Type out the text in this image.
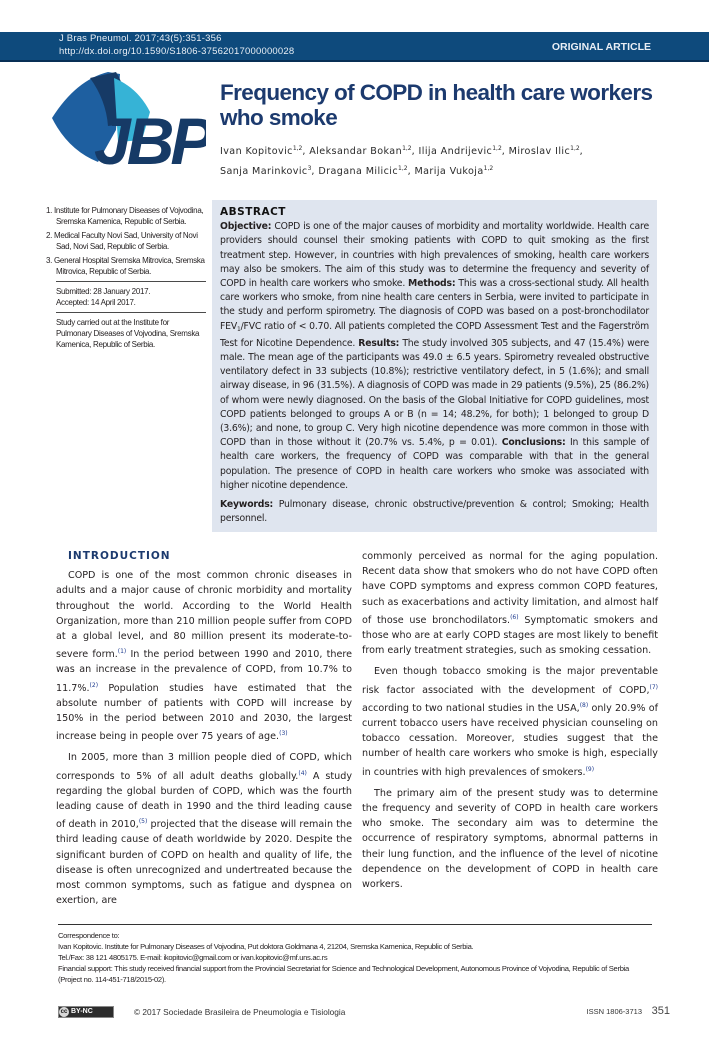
J Bras Pneumol. 2017;43(5):351-356
http://dx.doi.org/10.1590/S1806-37562017000000028	ORIGINAL ARTICLE
JBP
Frequency of COPD in health care workers who smoke
Ivan Kopitovic$^{1,2}$, Aleksandar Bokan$^{1,2}$, Ilija Andrijevic$^{1,2}$, Miroslav Ilic$^{1,2}$,
Sanja Marinkovic$^3$, Dragana Milicic$^{1,2}$, Marija Vukoja$^{1,2}$
1. Institute for Pulmonary Diseases of Vojvodina, Sremska Kamenica, Republic of Serbia.
2. Medical Faculty Novi Sad, University of Novi Sad, Novi Sad, Republic of Serbia.
3. General Hospital Sremska Mitrovica, Sremska Mitrovica, Republic of Serbia.
Submitted: 28 January 2017.
Accepted: 14 April 2017.
Study carried out at the Institute for Pulmonary Diseases of Vojvodina, Sremska Kamenica, Republic of Serbia.
ABSTRACT

Objective: COPD is one of the major causes of morbidity and mortality worldwide. Health care providers should counsel their smoking patients with COPD to quit smoking as the first treatment step. However, in countries with high prevalences of smoking, health care workers may also be smokers. The aim of this study was to determine the frequency and severity of COPD in health care workers who smoke. Methods: This was a cross-sectional study. All health care workers who smoke, from nine health care centers in Serbia, were invited to participate in the study and perform spirometry. The diagnosis of COPD was based on a post-bronchodilator $FEV_1$/FVC ratio of < 0.70. All patients completed the COPD Assessment Test and the Fagerström Test for Nicotine Dependence. Results: The study involved 305 subjects, and 47 (15.4%) were male. The mean age of the participants was 49.0 ± 6.5 years. Spirometry revealed obstructive ventilatory defect in 33 subjects (10.8%); restrictive ventilatory defect, in 5 (1.6%); and small airway disease, in 96 (31.5%). A diagnosis of COPD was made in 29 patients (9.5%), 25 (86.2%) of whom were newly diagnosed. On the basis of the Global Initiative for COPD guidelines, most COPD patients belonged to groups A or B (n = 14; 48.2%, for both); 1 belonged to group D (3.6%); and none, to group C. Very high nicotine dependence was more common in those with COPD than in those without it (20.7% vs. 5.4%, p = 0.01). Conclusions: In this sample of health care workers, the frequency of COPD was comparable with that in the general population. The presence of COPD in health care workers who smoke was associated with higher nicotine dependence.

Keywords: Pulmonary disease, chronic obstructive/prevention & control; Smoking; Health personnel.

INTRODUCTION

COPD is one of the most common chronic diseases in adults and a major cause of chronic morbidity and mortality throughout the world. According to the World Health Organization, more than 210 million people suffer from COPD at a global level, and 80 million present its moderate-to-severe form.$^{(1)}$ In the period between 1990 and 2010, there was an increase in the prevalence of COPD, from 10.7% to 11.7%.$^{(2)}$ Population studies have estimated that the absolute number of patients with COPD will increase by 150% in the period between 2010 and 2030, the largest increase being in people over 75 years of age.$^{(3)}$

In 2005, more than 3 million people died of COPD, which corresponds to 5% of all adult deaths globally.$^{(4)}$ A study regarding the global burden of COPD, which was the fourth leading cause of death in 1990 and the third leading cause of death in 2010,$^{(5)}$ projected that the disease will remain the third leading cause of death worldwide by 2020. Despite the significant burden of COPD on health and quality of life, the disease is often unrecognized and undertreated because the most common symptoms, such as fatigue and dyspnea on exertion, are

commonly perceived as normal for the aging population. Recent data show that smokers who do not have COPD often have COPD symptoms and express common COPD features, such as exacerbations and activity limitation, and almost half of those use bronchodilators.$^{(6)}$ Symptomatic smokers and those who are at early COPD stages are most likely to benefit from early treatment strategies, such as smoking cessation.

Even though tobacco smoking is the major preventable risk factor associated with the development of COPD,$^{(7)}$ according to two national studies in the USA,$^{(8)}$ only 20.9% of current tobacco users have received physician counseling on tobacco cessation. Moreover, studies suggest that the number of health care workers who smoke is high, especially in countries with high prevalences of smokers.$^{(9)}$

The primary aim of the present study was to determine the frequency and severity of COPD in health care workers who smoke. The secondary aim was to determine the occurrence of respiratory symptoms, abnormal patterns in their lung function, and the influence of the level of nicotine dependence on the development of COPD in health care workers.

Correspondence to:
Ivan Kopitovic. Institute for Pulmonary Diseases of Vojvodina, Put doktora Goldmana 4, 21204, Sremska Kamenica, Republic of Serbia.
Tel./Fax: 38 121 4805175. E-mail: ikopitovic@gmail.com or ivan.kopitovic@mf.uns.ac.rs
Financial support: This study received financial support from the Provincial Secretariat for Science and Technological Development, Autonomous Province of Vojvodina, Republic of Serbia (Project no. 114-451-718/2015-02).
cc BY-NC	© 2017 Sociedade Brasileira de Pneumologia e Tisiologia	ISSN 1806-3713 351
